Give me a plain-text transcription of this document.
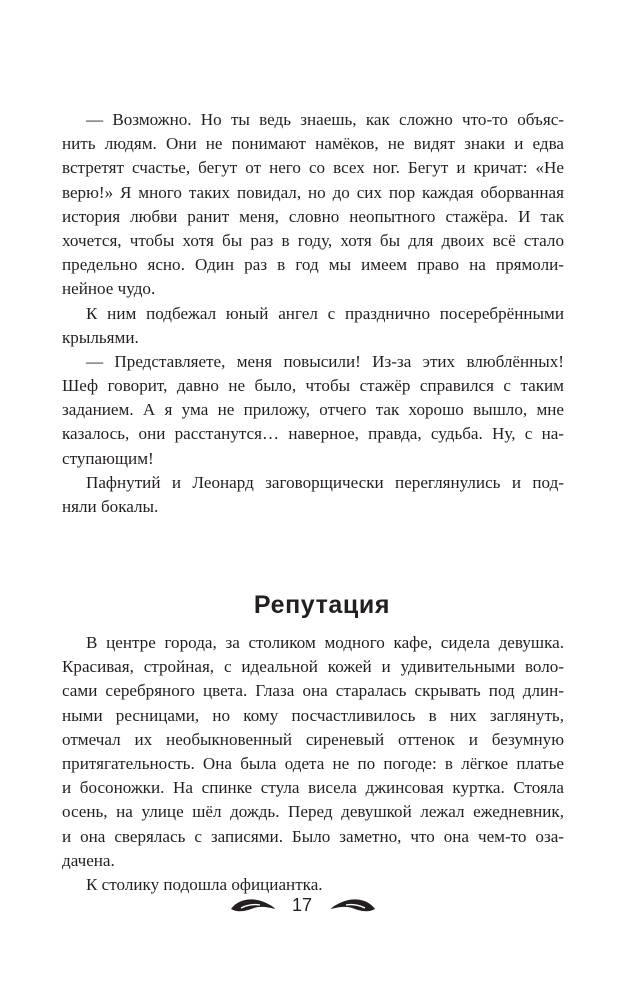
— Возможно. Но ты ведь знаешь, как сложно что-то объяс-
нить людям. Они не понимают намёков, не видят знаки и едва
встретят счастье, бегут от него со всех ног. Бегут и кричат: «Не
верю!» Я много таких повидал, но до сих пор каждая оборванная
история любви ранит меня, словно неопытного стажёра. И так
хочется, чтобы хотя бы раз в году, хотя бы для двоих всё стало
предельно ясно. Один раз в год мы имеем право на прямоли-
нейное чудо.
К ним подбежал юный ангел с празднично посеребрёнными
крыльями.
— Представляете, меня повысили! Из-за этих влюблённых!
Шеф говорит, давно не было, чтобы стажёр справился с таким
заданием. А я ума не приложу, отчего так хорошо вышло, мне
казалось, они расстанутся… наверное, правда, судьба. Ну, с на-
ступающим!
Пафнутий и Леонард заговорщически переглянулись и под-
няли бокалы.
Репутация
В центре города, за столиком модного кафе, сидела девушка.
Красивая, стройная, с идеальной кожей и удивительными воло-
сами серебряного цвета. Глаза она старалась скрывать под длин-
ными ресницами, но кому посчастливилось в них заглянуть,
отмечал их необыкновенный сиреневый оттенок и безумную
притягательность. Она была одета не по погоде: в лёгкое платье
и босоножки. На спинке стула висела джинсовая куртка. Стояла
осень, на улице шёл дождь. Перед девушкой лежал ежедневник,
и она сверялась с записями. Было заметно, что она чем-то оза-
дачена.
К столику подошла официантка.
17
